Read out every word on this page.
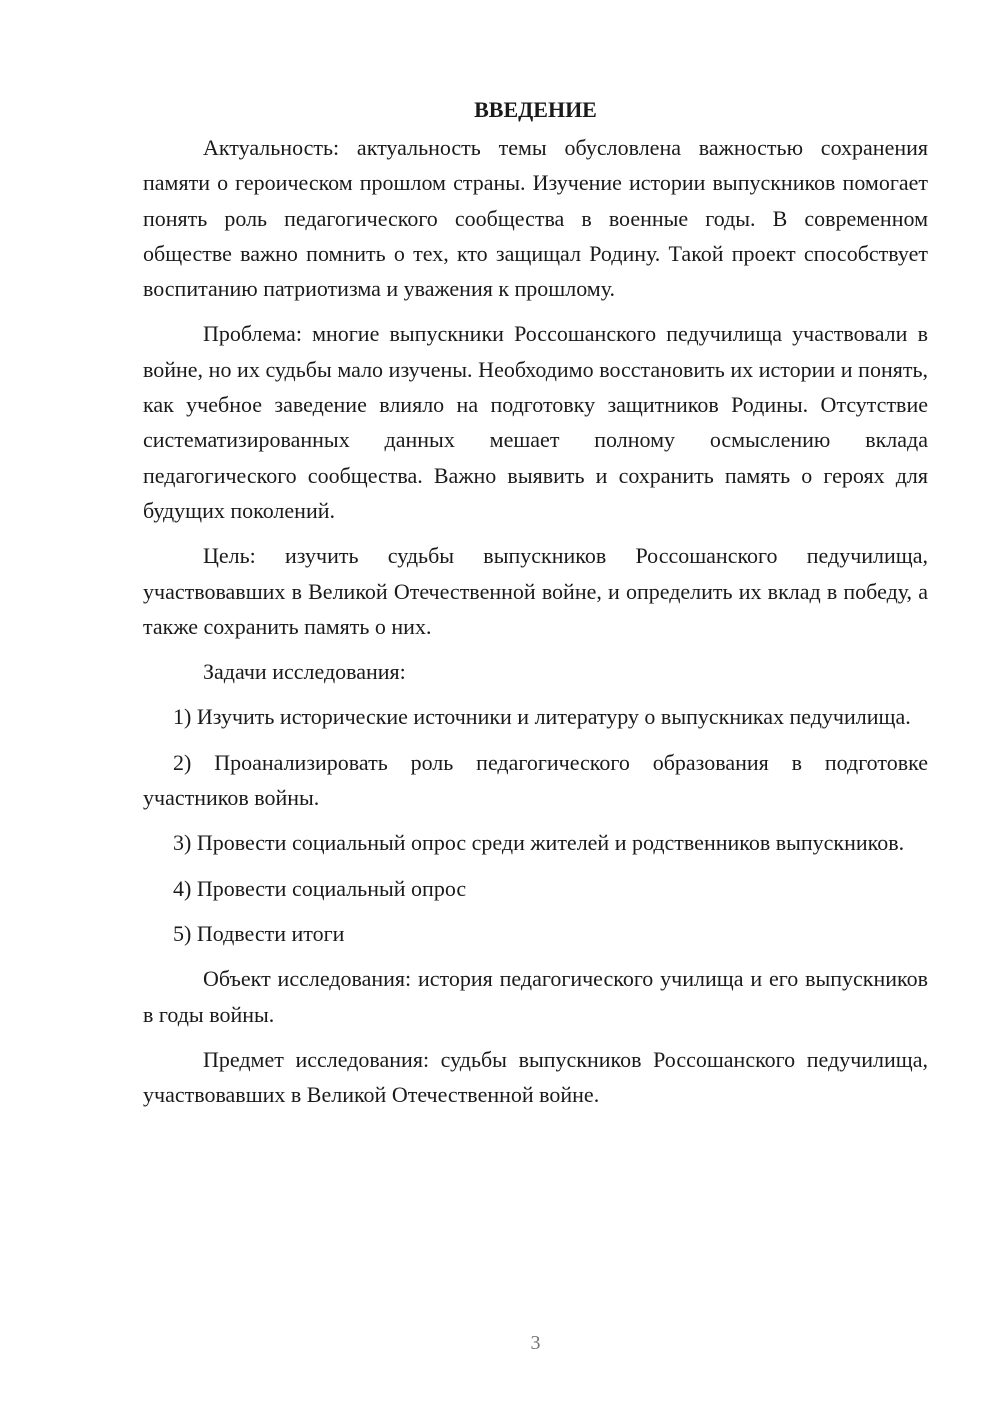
ВВЕДЕНИЕ

Актуальность: актуальность темы обусловлена важностью сохранения памяти о героическом прошлом страны. Изучение истории выпускников помогает понять роль педагогического сообщества в военные годы. В современном обществе важно помнить о тех, кто защищал Родину. Такой проект способствует воспитанию патриотизма и уважения к прошлому.

Проблема: многие выпускники Россошанского педучилища участвовали в войне, но их судьбы мало изучены. Необходимо восстановить их истории и понять, как учебное заведение влияло на подготовку защитников Родины. Отсутствие систематизированных данных мешает полному осмыслению вклада педагогического сообщества. Важно выявить и сохранить память о героях для будущих поколений.

Цель: изучить судьбы выпускников Россошанского педучилища, участвовавших в Великой Отечественной войне, и определить их вклад в победу, а также сохранить память о них.

Задачи исследования:

1) Изучить исторические источники и литературу о выпускниках педучилища.

2) Проанализировать роль педагогического образования в подготовке участников войны.

3) Провести социальный опрос среди жителей и родственников выпускников.

4) Провести социальный опрос

5) Подвести итоги

Объект исследования: история педагогического училища и его выпускников в годы войны.

Предмет исследования: судьбы выпускников Россошанского педучилища, участвовавших в Великой Отечественной войне.

3
